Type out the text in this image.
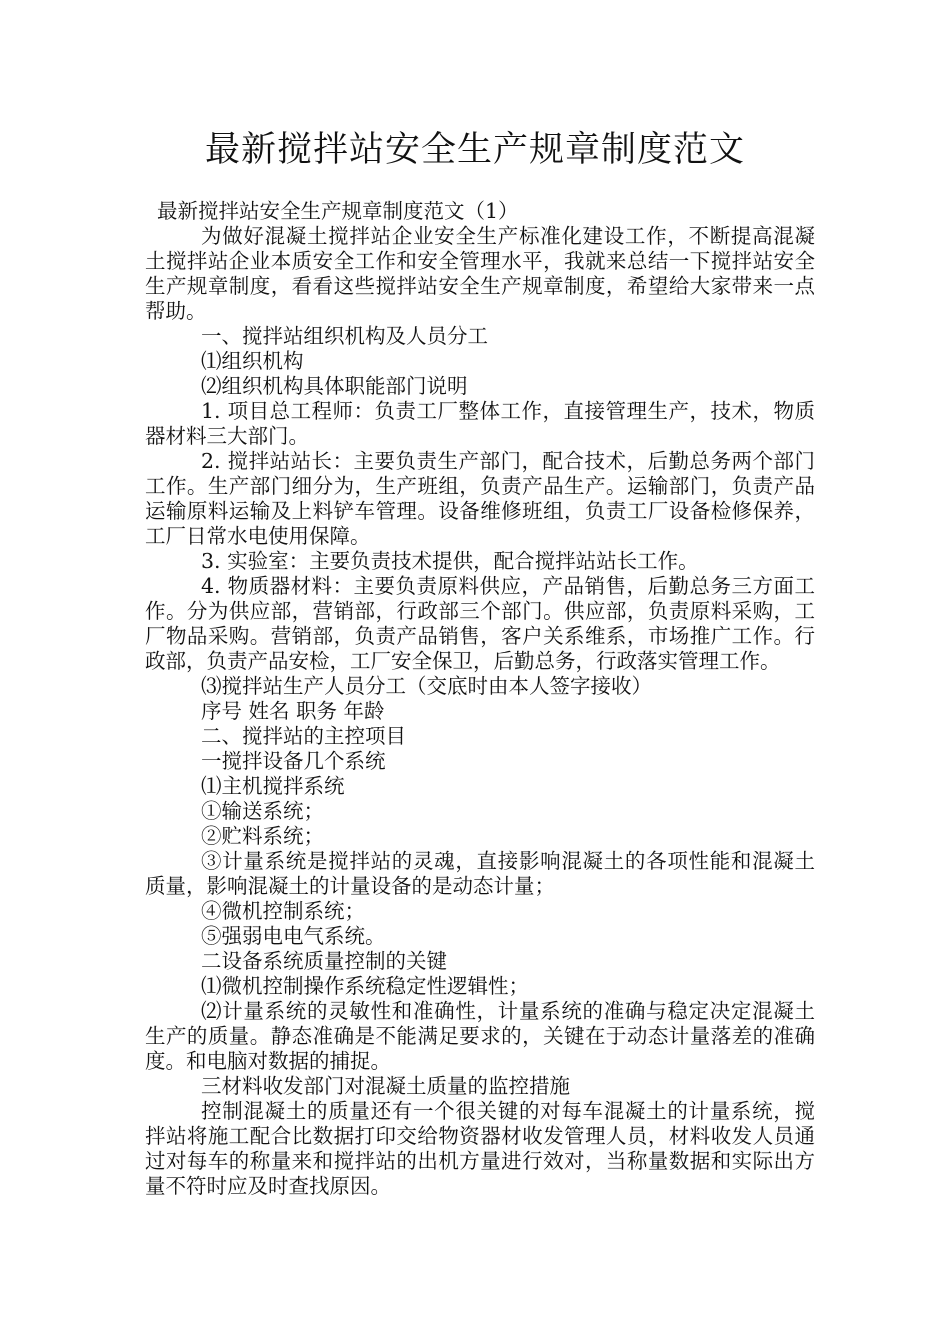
最新搅拌站安全生产规章制度范文

最新搅拌站安全生产规章制度范文（1）

为做好混凝土搅拌站企业安全生产标准化建设工作，不断提高混凝土搅拌站企业本质安全工作和安全管理水平，我就来总结一下搅拌站安全生产规章制度，看看这些搅拌站安全生产规章制度，希望给大家带来一点帮助。

一、搅拌站组织机构及人员分工

⑴组织机构

⑵组织机构具体职能部门说明

1. 项目总工程师：负责工厂整体工作，直接管理生产，技术，物质器材料三大部门。

2. 搅拌站站长：主要负责生产部门，配合技术，后勤总务两个部门工作。生产部门细分为，生产班组，负责产品生产。运输部门，负责产品运输原料运输及上料铲车管理。设备维修班组，负责工厂设备检修保养，工厂日常水电使用保障。

3. 实验室：主要负责技术提供，配合搅拌站站长工作。

4. 物质器材料：主要负责原料供应，产品销售，后勤总务三方面工作。分为供应部，营销部，行政部三个部门。供应部，负责原料采购，工厂物品采购。营销部，负责产品销售，客户关系维系，市场推广工作。行政部，负责产品安检，工厂安全保卫，后勤总务，行政落实管理工作。

⑶搅拌站生产人员分工（交底时由本人签字接收）

序号 姓名 职务 年龄

二、搅拌站的主控项目

一搅拌设备几个系统

⑴主机搅拌系统

①输送系统；

②贮料系统；

③计量系统是搅拌站的灵魂，直接影响混凝土的各项性能和混凝土质量，影响混凝土的计量设备的是动态计量；

④微机控制系统；

⑤强弱电电气系统。

二设备系统质量控制的关键

⑴微机控制操作系统稳定性逻辑性；

⑵计量系统的灵敏性和准确性，计量系统的准确与稳定决定混凝土生产的质量。静态准确是不能满足要求的，关键在于动态计量落差的准确度。和电脑对数据的捕捉。

三材料收发部门对混凝土质量的监控措施

控制混凝土的质量还有一个很关键的对每车混凝土的计量系统，搅拌站将施工配合比数据打印交给物资器材收发管理人员，材料收发人员通过对每车的称量来和搅拌站的出机方量进行效对，当称量数据和实际出方量不符时应及时查找原因。
